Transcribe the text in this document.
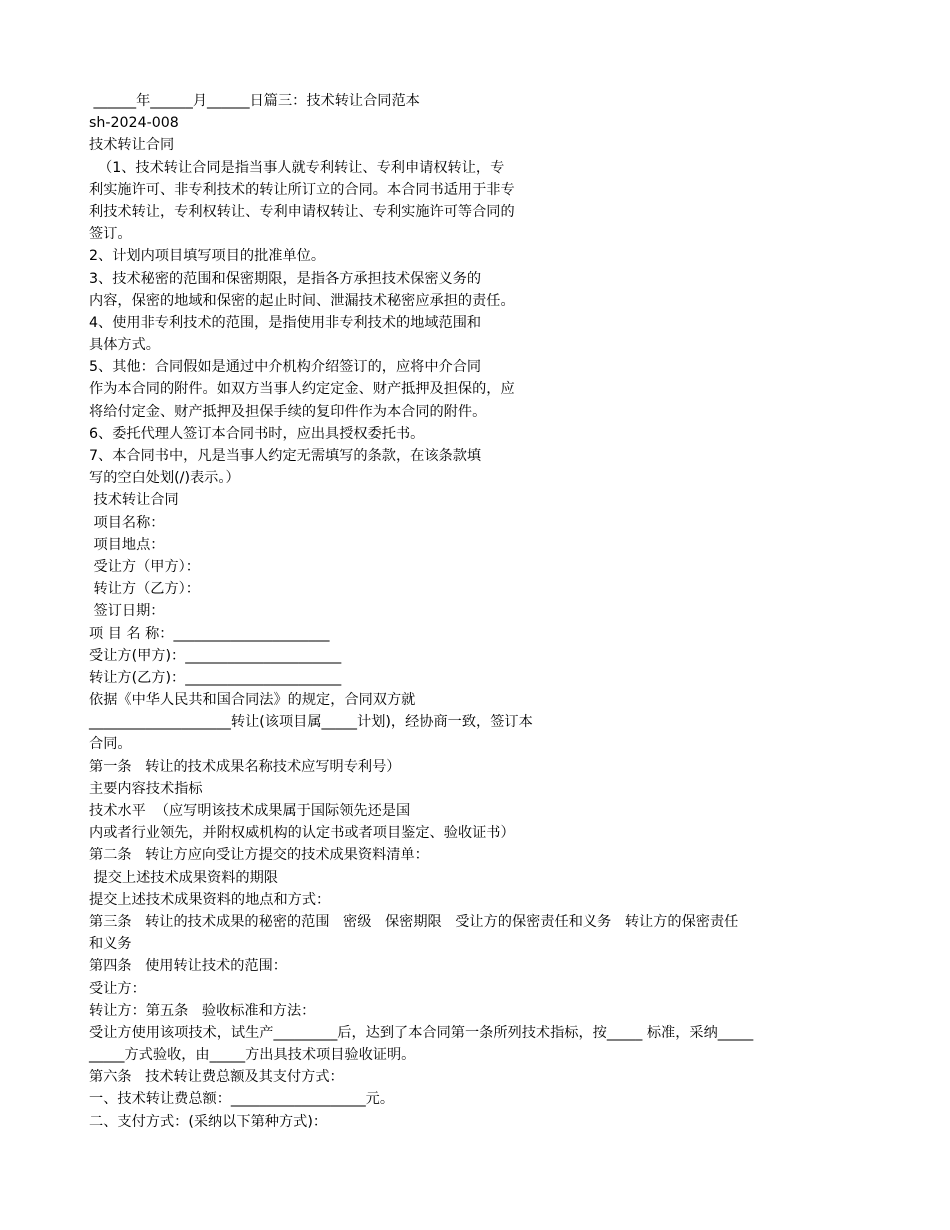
______年______月______日篇三：技术转让合同范本
sh-2024-008
技术转让合同
（1、技术转让合同是指当事人就专利转让、专利申请权转让，专
利实施许可、非专利技术的转让所订立的合同。本合同书适用于非专
利技术转让，专利权转让、专利申请权转让、专利实施许可等合同的
签订。
2、计划内项目填写项目的批准单位。
3、技术秘密的范围和保密期限，是指各方承担技术保密义务的
内容，保密的地域和保密的起止时间、泄漏技术秘密应承担的责任。
4、使用非专利技术的范围，是指使用非专利技术的地域范围和
具体方式。
5、其他：合同假如是通过中介机构介绍签订的，应将中介合同
作为本合同的附件。如双方当事人约定定金、财产抵押及担保的，应
将给付定金、财产抵押及担保手续的复印件作为本合同的附件。
6、委托代理人签订本合同书时，应出具授权委托书。
7、本合同书中，凡是当事人约定无需填写的条款，在该条款填
写的空白处划(/)表示。）
技术转让合同
项目名称：
项目地点：
受让方（甲方）：
转让方（乙方）：
签订日期：
项 目 名 称：______________________
受让方(甲方)：______________________
转让方(乙方)：______________________
依据《中华人民共和国合同法》的规定，合同双方就
____________________转让(该项目属_____计划)，经协商一致，签订本
合同。
第一条   转让的技术成果名称技术应写明专利号）
主要内容技术指标
技术水平  （应写明该技术成果属于国际领先还是国
内或者行业领先，并附权威机构的认定书或者项目鉴定、验收证书）
第二条   转让方应向受让方提交的技术成果资料清单：
提交上述技术成果资料的期限
提交上述技术成果资料的地点和方式：
第三条   转让的技术成果的秘密的范围   密级   保密期限   受让方的保密责任和义务   转让方的保密责任
和义务
第四条   使用转让技术的范围：
受让方：
转让方：第五条   验收标准和方法：
受让方使用该项技术，试生产_________后，达到了本合同第一条所列技术指标，按_____ 标准，采纳_____
_____方式验收，由_____方出具技术项目验收证明。
第六条   技术转让费总额及其支付方式：
一、技术转让费总额：___________________元。
二、支付方式：(采纳以下第种方式)：
